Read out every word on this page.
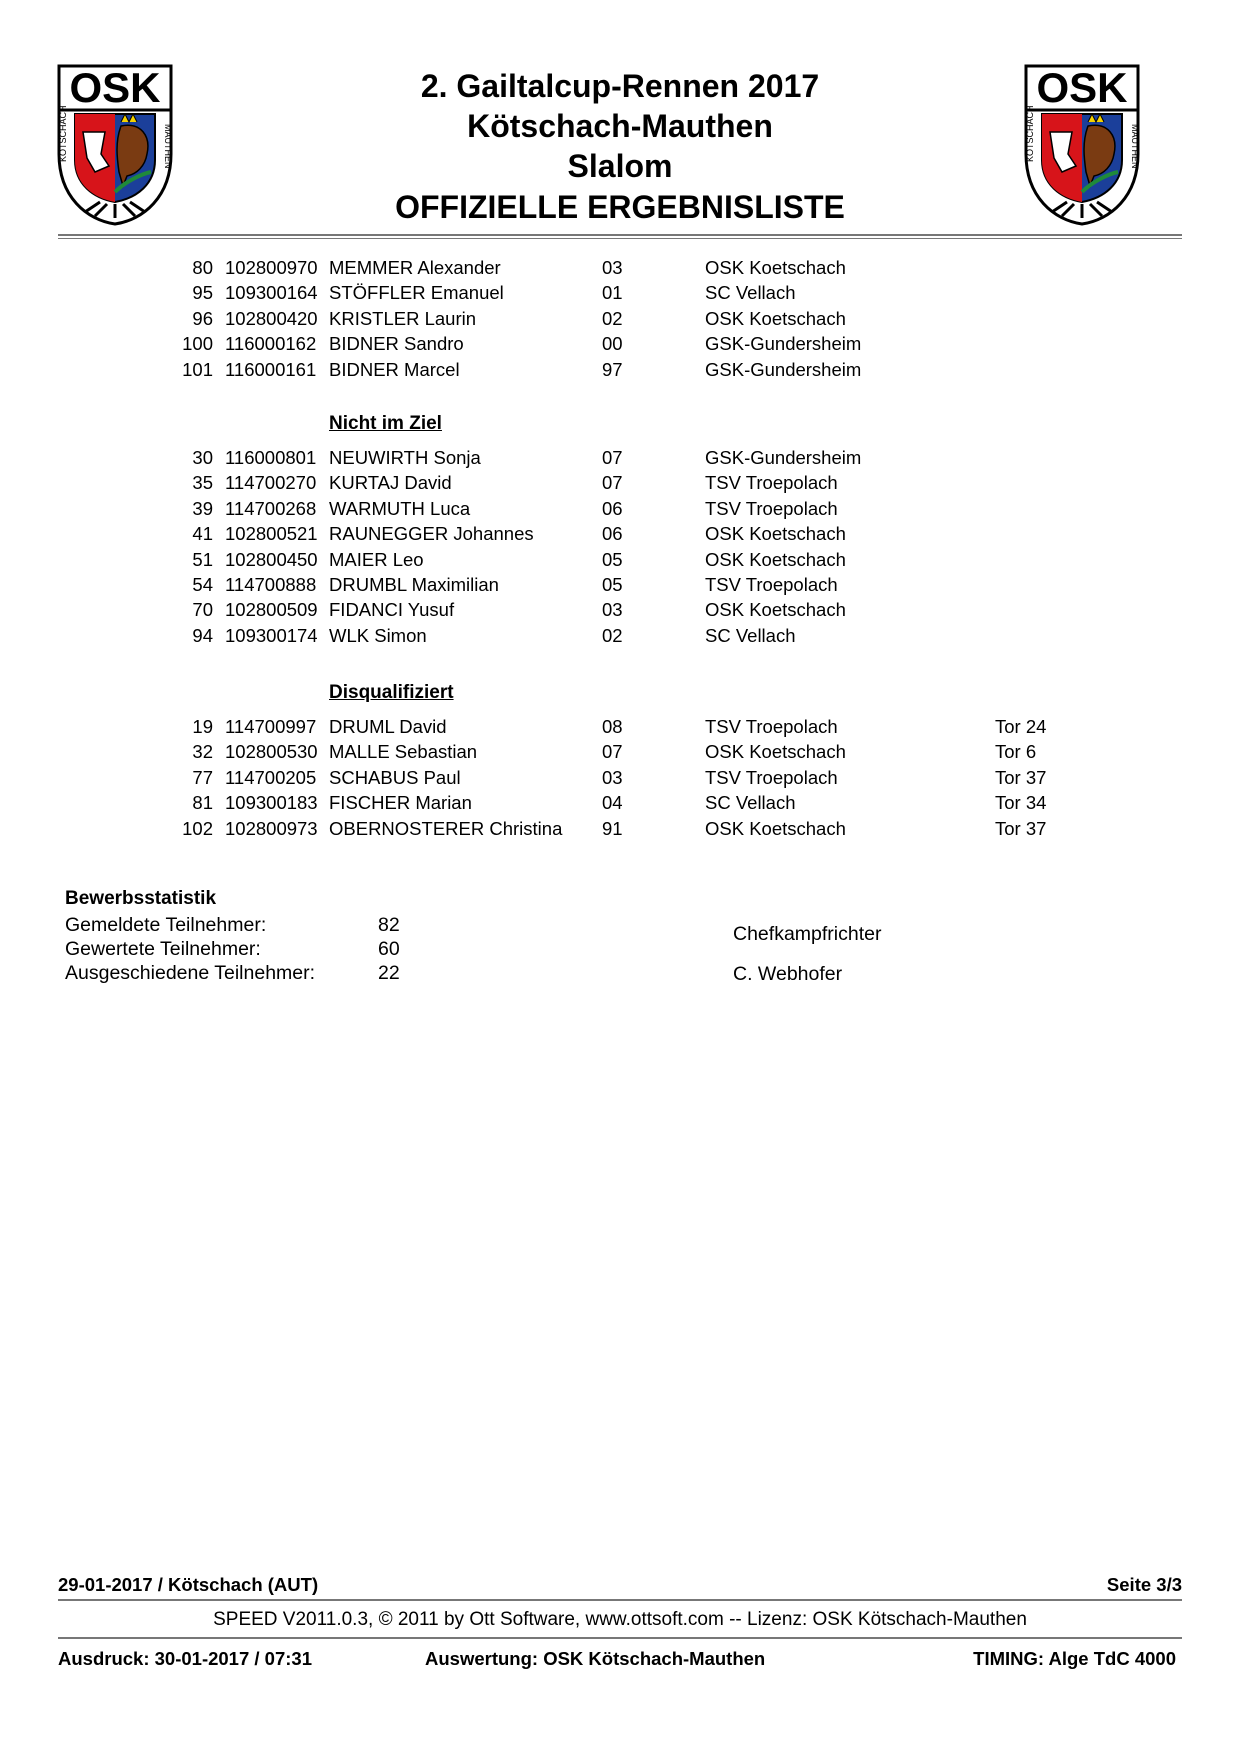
OSK
KÖTSCHACH	MAUTHEN
OSK
KÖTSCHACH	MAUTHEN
2. Gailtalcup-Rennen 2017
Kötschach-Mauthen
Slalom
OFFIZIELLE ERGEBNISLISTE
80 102800970 MEMMER Alexander	03	OSK Koetschach
95 109300164 STÖFFLER Emanuel	01	SC Vellach
96 102800420 KRISTLER Laurin	02	OSK Koetschach
100 116000162 BIDNER Sandro	00	GSK-Gundersheim
101 116000161 BIDNER Marcel	97	GSK-Gundersheim
Nicht im Ziel
30 116000801 NEUWIRTH Sonja	07	GSK-Gundersheim
35 114700270 KURTAJ David	07	TSV Troepolach
39 114700268 WARMUTH Luca	06	TSV Troepolach
41 102800521 RAUNEGGER Johannes	06	OSK Koetschach
51 102800450 MAIER Leo	05	OSK Koetschach
54 114700888 DRUMBL Maximilian	05	TSV Troepolach
70 102800509 FIDANCI Yusuf	03	OSK Koetschach
94 109300174 WLK Simon	02	SC Vellach
Disqualifiziert
19 114700997 DRUML David	08	TSV Troepolach	Tor 24
32 102800530 MALLE Sebastian	07	OSK Koetschach	Tor 6
77 114700205 SCHABUS Paul	03	TSV Troepolach	Tor 37
81 109300183 FISCHER Marian	04	SC Vellach	Tor 34
102 102800973 OBERNOSTERER Christina 91	OSK Koetschach	Tor 37
Bewerbsstatistik
Gemeldete Teilnehmer:	82
Gewertete Teilnehmer:	60
Ausgeschiedene Teilnehmer:	22
Chefkampfrichter
C. Webhofer
29-01-2017 / Kötschach (AUT)	Seite 3/3
SPEED V2011.0.3, © 2011 by Ott Software, www.ottsoft.com -- Lizenz: OSK Kötschach-Mauthen
Ausdruck: 30-01-2017 / 07:31	Auswertung: OSK Kötschach-Mauthen	TIMING: Alge TdC 4000
